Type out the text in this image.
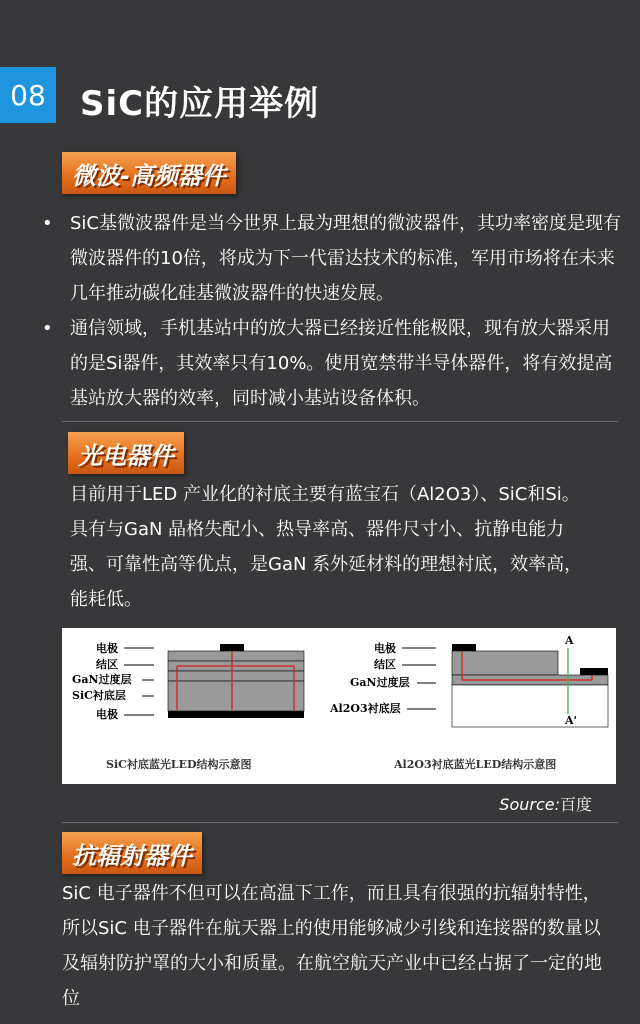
08 SiC的应用举例
微波-高频器件
• SiC基微波器件是当今世界上最为理想的微波器件，其功率密度是现有微波器件的10倍，将成为下一代雷达技术的标准，军用市场将在未来几年推动碳化硅基微波器件的快速发展。
• 通信领域，手机基站中的放大器已经接近性能极限，现有放大器采用的是Si器件，其效率只有10%。使用宽禁带半导体器件，将有效提高基站放大器的效率，同时减小基站设备体积。
光电器件
目前用于LED 产业化的衬底主要有蓝宝石（Al2O3）、SiC和Si。具有与GaN 晶格失配小、热导率高、器件尺寸小、抗静电能力强、可靠性高等优点，是GaN 系外延材料的理想衬底，效率高，能耗低。
电极
结区
GaN过度层
SiC衬底层
电极
SiC衬底蓝光LED结构示意图
电极
结区
GaN过度层
Al2O3衬底层
A
A'
Al2O3衬底蓝光LED结构示意图
Source:百度
抗辐射器件
SiC 电子器件不但可以在高温下工作，而且具有很强的抗辐射特性，所以SiC 电子器件在航天器上的使用能够减少引线和连接器的数量以及辐射防护罩的大小和质量。在航空航天产业中已经占据了一定的地位
